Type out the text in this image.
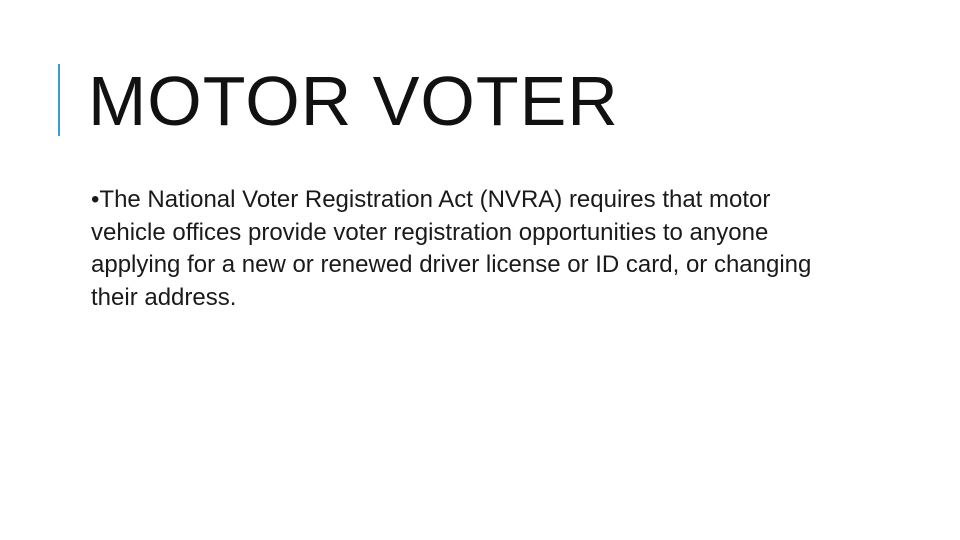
MOTOR VOTER
•The National Voter Registration Act (NVRA) requires that motor vehicle offices provide voter registration opportunities to anyone applying for a new or renewed driver license or ID card, or changing their address.
